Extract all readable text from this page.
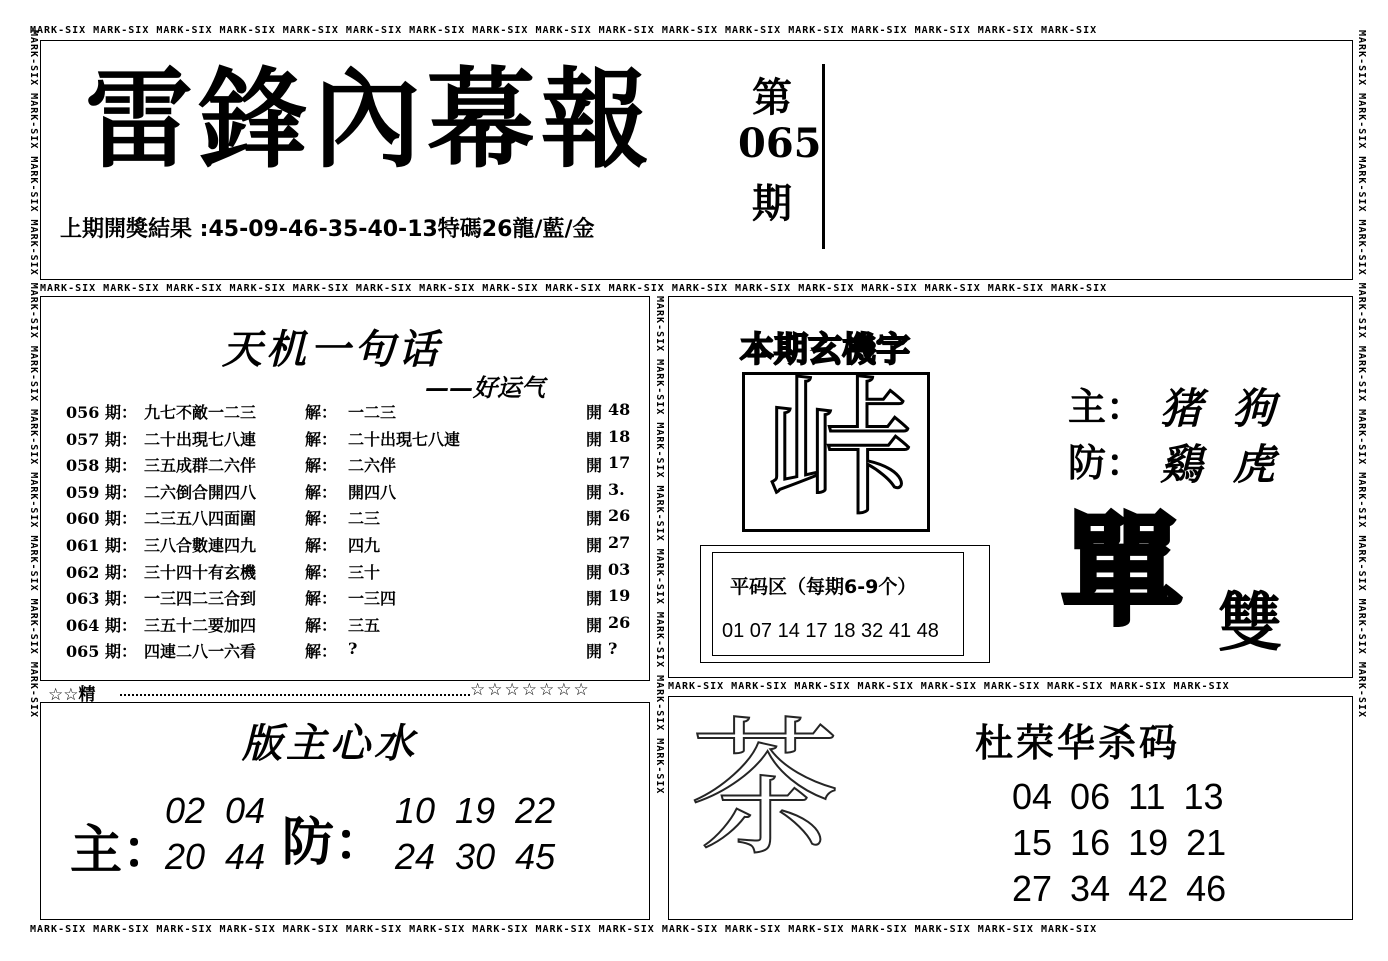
MARK-SIX MARK-SIX MARK-SIX MARK-SIX MARK-SIX MARK-SIX MARK-SIX MARK-SIX MARK-SIX MARK-SIX MARK-SIX MARK-SIX MARK-SIX MARK-SIX MARK-SIX MARK-SIX MARK-SIX
MARK-SIX MARK-SIX MARK-SIX MARK-SIX MARK-SIX MARK-SIX MARK-SIX MARK-SIX MARK-SIX MARK-SIX MARK-SIX MARK-SIX MARK-SIX MARK-SIX MARK-SIX MARK-SIX MARK-SIX
MARK-SIX MARK-SIX MARK-SIX MARK-SIX MARK-SIX MARK-SIX MARK-SIX MARK-SIX MARK-SIX MARK-SIX MARK-SIX	MARK-SIX MARK-SIX MARK-SIX MARK-SIX MARK-SIX MARK-SIX MARK-SIX MARK-SIX MARK-SIX MARK-SIX MARK-SIX
MARK-SIX MARK-SIX MARK-SIX MARK-SIX MARK-SIX MARK-SIX MARK-SIX MARK-SIX MARK-SIX MARK-SIX MARK-SIX MARK-SIX MARK-SIX MARK-SIX MARK-SIX MARK-SIX MARK-SIX
MARK-SIX MARK-SIX MARK-SIX MARK-SIX MARK-SIX MARK-SIX MARK-SIX MARK-SIX MARK-SIX MARK-SIX MARK-SIX MARK-SIX MARK-SIX MARK-SIX MARK-SIX MARK-SIX MARK-SIX
雷鋒內幕報 第
065
期
上期開獎結果 :45-09-46-35-40-13特碼26龍/藍/金
天机一句话
——好运气
056 期： 九七不敵一二三	解： 一二三	開 48
057 期： 二十出現七八連	解： 二十出現七八連	開 18
058 期： 三五成群二六伴	解： 二六伴	開 17
059 期： 二六倒合開四八	解： 開四八	開 3.
060 期： 二三五八四面圍	解： 二三	開 26
061 期： 三八合數連四九	解： 四九	開 27
062 期： 三十四十有玄機	解： 三十	開 03
063 期： 一三四二三合到	解： 一三四	開 19
064 期： 三五十二要加四	解： 三五	開 26
065 期： 四連二八一六看	解： ?	開 ?
☆☆精	☆☆☆☆☆☆☆
本期玄機字
峠	主： 猪 狗
防： 鷄 虎
單 雙
平码区（每期6-9个）
01 07 14 17 18 32 41 48
版主心水
主：
02  04
20  44 防：
10  19  22
24  30  45 茶	杜荣华杀码
04 06 11 13
15 16 19 21
27 34 42 46
